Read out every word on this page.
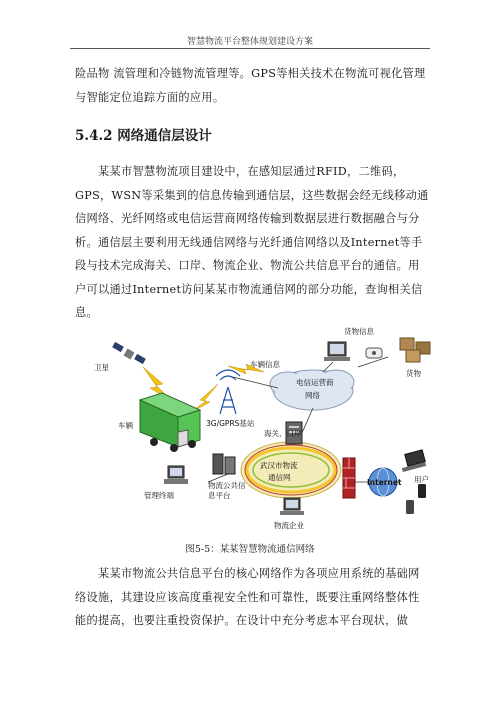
智慧物流平台整体规划建设方案

险品物 流管理和冷链物流管理等。GPS等相关技术在物流可视化管理与智能定位追踪方面的应用。

5.4.2 网络通信层设计

某某市智慧物流项目建设中，在感知层通过RFID，二维码，GPS，WSN等采集到的信息传输到通信层，这些数据会经无线移动通信网络、光纤网络或电信运营商网络传输到数据层进行数据融合与分析。通信层主要利用无线通信网络与光纤通信网络以及Internet等手段与技术完成海关、口岸、物流企业、物流公共信息平台的通信。用户可以通过Internet访问某某市物流通信网的部分功能，查询相关信息。

电信运营商
网络
卫星	车辆信息
3G/GPRS基站
货物信息
货物
车辆
武汉市物流
通信网
海关、口岸
物流公共信
息平台
管理终端
物流企业
Internet 用户
图5-5：某某智慧物流通信网络

某某市物流公共信息平台的核心网络作为各项应用系统的基础网络设施，其建设应该高度重视安全性和可靠性，既要注重网络整体性能的提高，也要注重投资保护。在设计中充分考虑本平台现状，做
